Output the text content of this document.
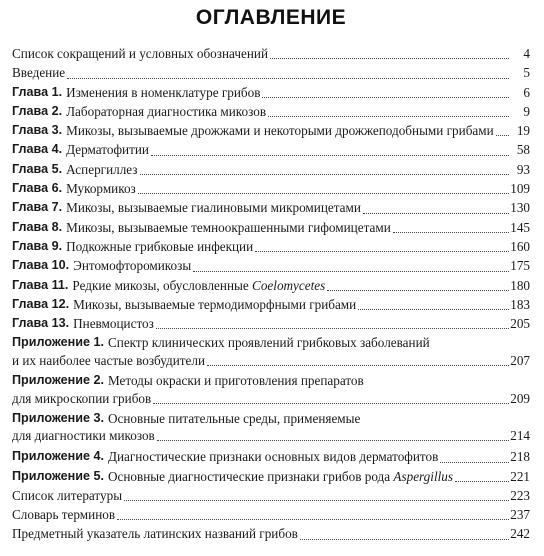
ОГЛАВЛЕНИЕ
Список сокращений и условных обозначений	4
Введение	5
Глава 1. Изменения в номенклатуре грибов	6
Глава 2. Лабораторная диагностика микозов	9
Глава 3. Микозы, вызываемые дрожжами и некоторыми дрожжеподобными грибами	19
Глава 4. Дерматофитии	58
Глава 5. Аспергиллез	93
Глава 6. Мукормикоз	109
Глава 7. Микозы, вызываемые гиалиновыми микромицетами	130
Глава 8. Микозы, вызываемые темноокрашенными гифомицетами	145
Глава 9. Подкожные грибковые инфекции	160
Глава 10. Энтомофторомикозы	175
Глава 11. Редкие микозы, обусловленные Coelomycetes	180
Глава 12. Микозы, вызываемые термодиморфными грибами	183
Глава 13. Пневмоцистоз	205
Приложение 1. Спектр клинических проявлений грибковых заболеваний
и их наиболее частые возбудители	207
Приложение 2. Методы окраски и приготовления препаратов
для микроскопии грибов	209
Приложение 3. Основные питательные среды, применяемые
для диагностики микозов	214
Приложение 4. Диагностические признаки основных видов дерматофитов	218
Приложение 5. Основные диагностические признаки грибов рода Aspergillus	221
Список литературы	223
Словарь терминов	237
Предметный указатель латинских названий грибов	242
